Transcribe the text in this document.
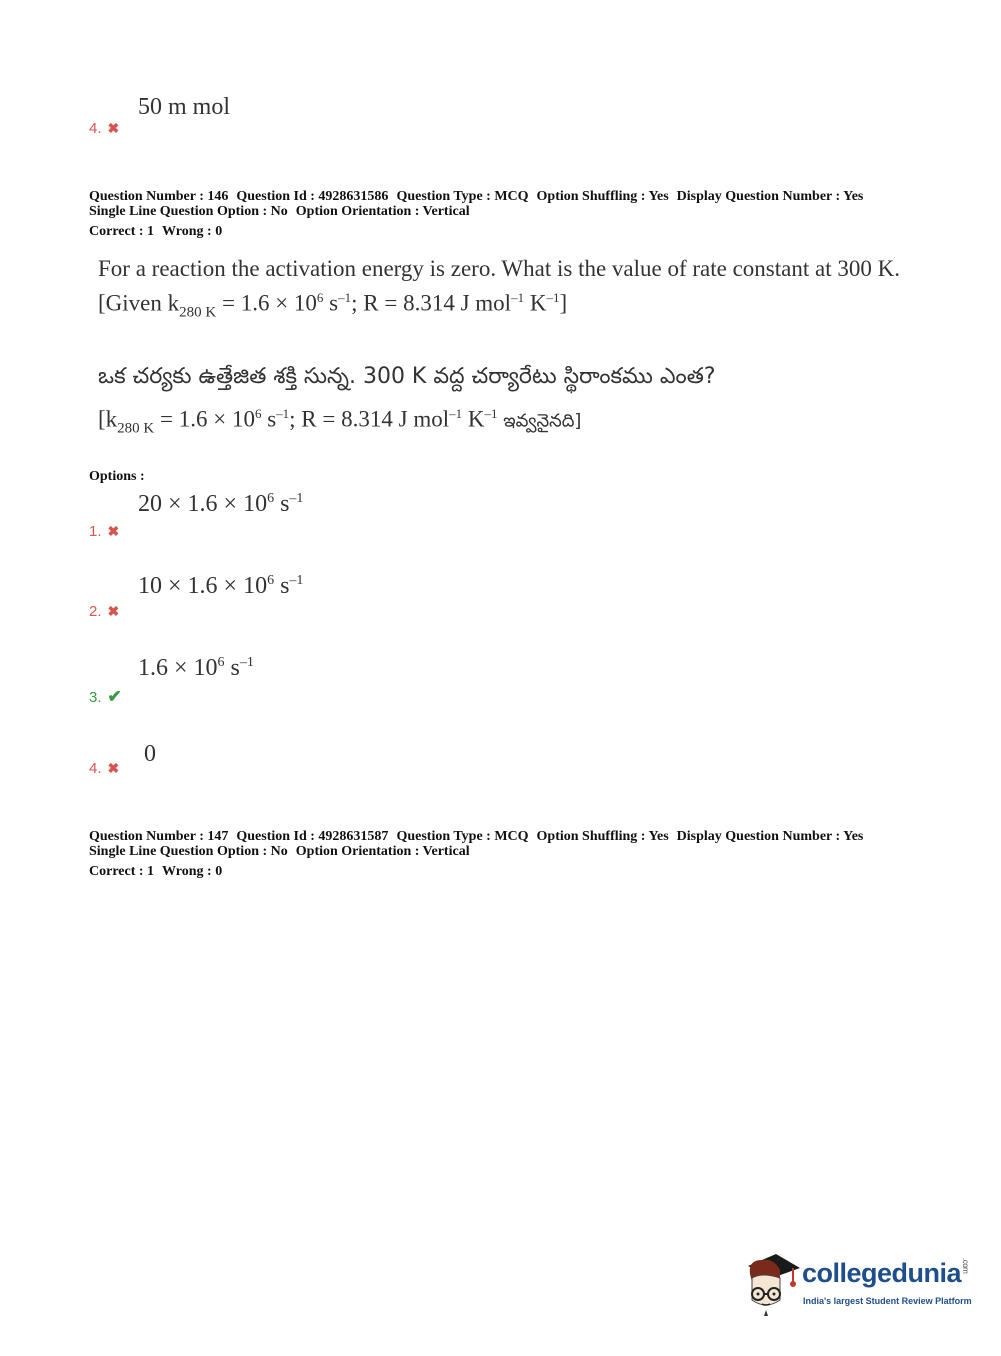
50 m mol
4. ✖
Question Number : 146 Question Id : 4928631586 Question Type : MCQ Option Shuffling : Yes Display Question Number : Yes
Single Line Question Option : No Option Orientation : Vertical
Correct : 1 Wrong : 0
For a reaction the activation energy is zero. What is the value of rate constant at 300 K.
[Given $k_{280 K} = 1.6 \times 10^6$ $s^{-1}$; R = 8.314 J mol$^{-1}$ $K^{-1}$]
ఒక చర్యకు ఉత్తేజిత శక్తి సున్న. 300 K వద్ద చర్యారేటు స్థిరాంకము ఎంత?
[$k_{280 K} = 1.6 \times 10^6$ $s^{-1}$; R = 8.314 J mol$^{-1}$ $K^{-1}$ ఇవ్వనైనది]
Options :
$20 \times 1.6 \times 10^6$ $s^{-1}$
1. ✖
$10 \times 1.6 \times 10^6$ $s^{-1}$
2. ✖
$1.6 \times 10^6$ $s^{-1}$
3. ✔
0
4. ✖
Question Number : 147 Question Id : 4928631587 Question Type : MCQ Option Shuffling : Yes Display Question Number : Yes
Single Line Question Option : No Option Orientation : Vertical
Correct : 1 Wrong : 0
collegedunia.com
India's largest Student Review Platform
